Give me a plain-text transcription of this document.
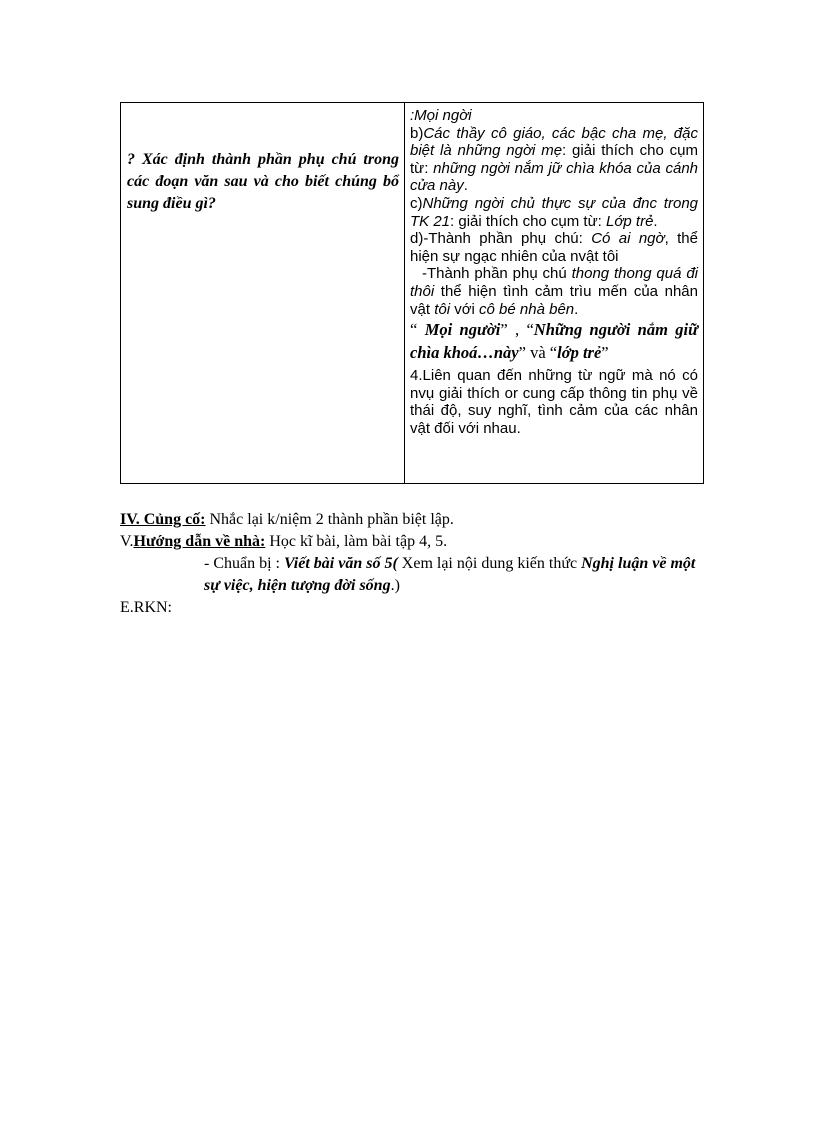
? Xác định thành phần phụ chú trong các đoạn văn sau và cho biết chúng bổ sung điều gì?

:Mọi ngời

b)Các thầy cô giáo, các bậc cha mẹ, đặc biệt là những ngời mẹ: giải thích cho cụm từ: những ngời nắm jữ chìa khóa của cánh cửa này.

c)Những ngời chủ thực sự của đnc trong TK 21: giải thích cho cụm từ: Lớp trẻ.

d)-Thành phần phụ chú: Có ai ngờ, thể hiện sự ngạc nhiên của nvật tôi

-Thành phần phụ chú thong thong quá đi thôi thể hiện tình cảm trìu mến của nhân vật tôi với cô bé nhà bên.

“ Mọi người” , “Những người nắm giữ chìa khoá…này” và “lớp trẻ”

4.Liên quan đến những từ ngữ mà nó có nvụ giải thích or cung cấp thông tin phụ về thái độ, suy nghĩ, tình cảm của các nhân vật đối với nhau.

IV. Củng cố: Nhắc lại k/niệm 2 thành phần biệt lập.

V.Hướng dẫn về nhà: Học kĩ bài, làm bài tập 4, 5.

- Chuẩn bị : Viết bài văn số 5( Xem lại nội dung kiến thức Nghị luận về một sự việc, hiện tượng đời sống.)

E.RKN:
